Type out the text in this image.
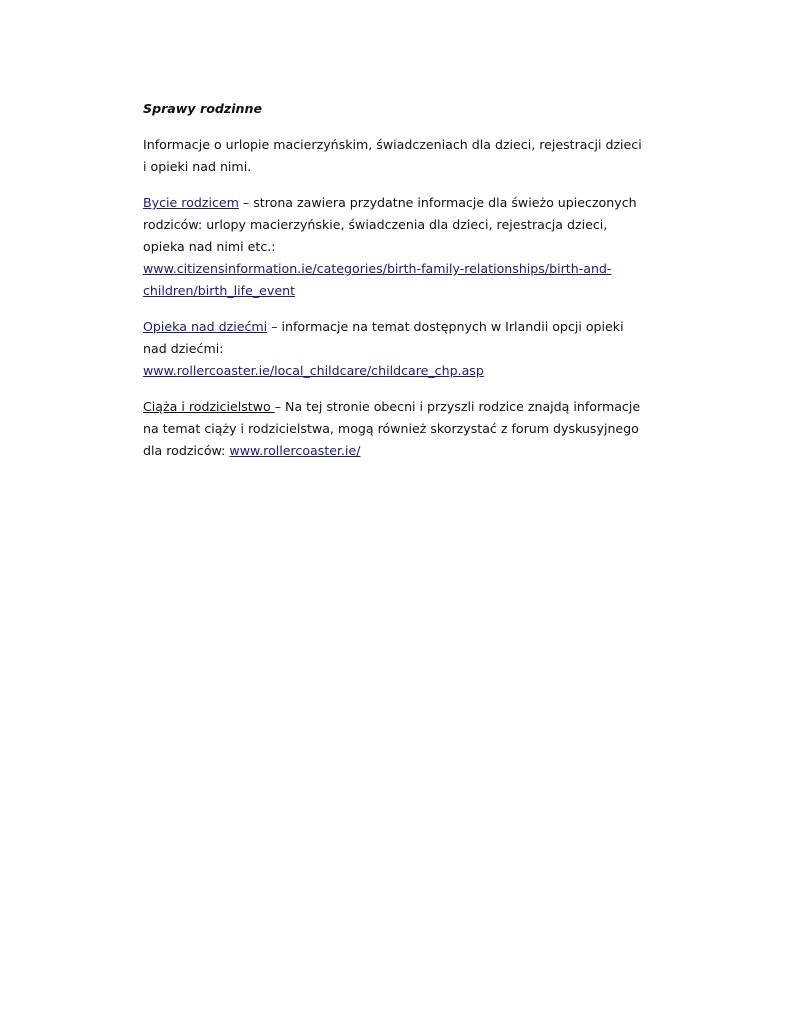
Sprawy rodzinne
Informacje o urlopie macierzyńskim, świadczeniach dla dzieci, rejestracji dzieci i opieki nad nimi.
Bycie rodzicem – strona zawiera przydatne informacje dla świeżo upieczonych rodziców: urlopy macierzyńskie, świadczenia dla dzieci, rejestracja dzieci, opieka nad nimi etc.:
www.citizensinformation.ie/categories/birth-family-relationships/birth-and-
children/birth_life_event
Opieka nad dziećmi – informacje na temat dostępnych w Irlandii opcji opieki nad dziećmi:
www.rollercoaster.ie/local_childcare/childcare_chp.asp
Ciąża i rodzicielstwo – Na tej stronie obecni i przyszli rodzice znajdą informacje na temat ciąży i rodzicielstwa, mogą również skorzystać z forum dyskusyjnego dla rodziców: www.rollercoaster.ie/
